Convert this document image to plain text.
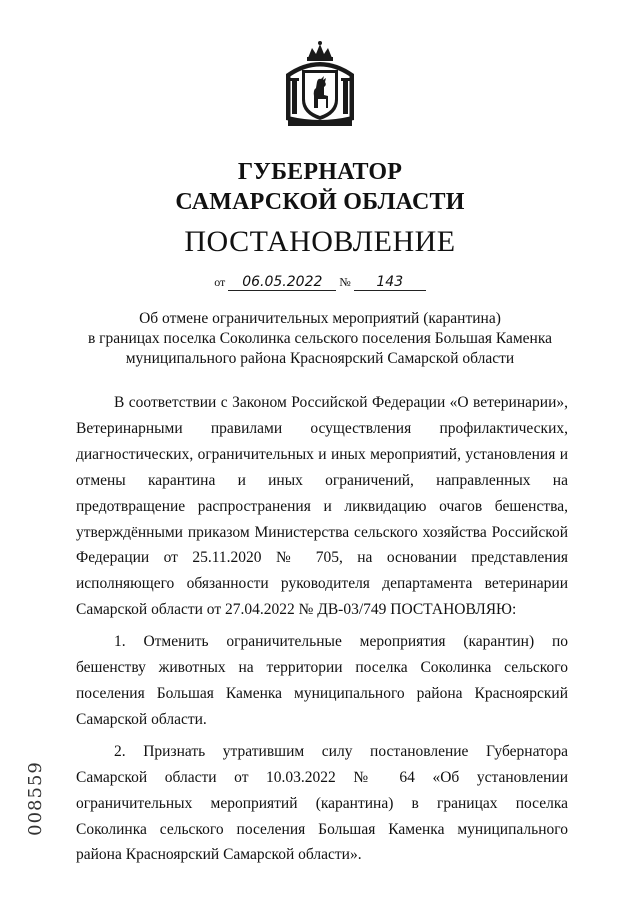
ГУБЕРНАТОР
САМАРСКОЙ ОБЛАСТИ
ПОСТАНОВЛЕНИЕ
от 06.05.2022 № 143
Об отмене ограничительных мероприятий (карантина)
в границах поселка Соколинка сельского поселения Большая Каменка
муниципального района Красноярский Самарской области

В соответствии с Законом Российской Федерации «О ветеринарии», Ветеринарными правилами осуществления профилактических, диагностических, ограничительных и иных мероприятий, установления и отмены карантина и иных ограничений, направленных на предотвращение распространения и ликвидацию очагов бешенства, утверждёнными приказом Министерства сельского хозяйства Российской Федерации от 25.11.2020 № 705, на основании представления исполняющего обязанности руководителя департамента ветеринарии Самарской области от 27.04.2022 № ДВ-03/749 ПОСТАНОВЛЯЮ:

1. Отменить ограничительные мероприятия (карантин) по бешенству животных на территории поселка Соколинка сельского поселения Большая Каменка муниципального района Красноярский Самарской области.

2. Признать утратившим силу постановление Губернатора Самарской области от 10.03.2022 № 64 «Об установлении ограничительных мероприятий (карантина) в границах поселка Соколинка сельского поселения Большая Каменка муниципального района Красноярский Самарской области».

008559
